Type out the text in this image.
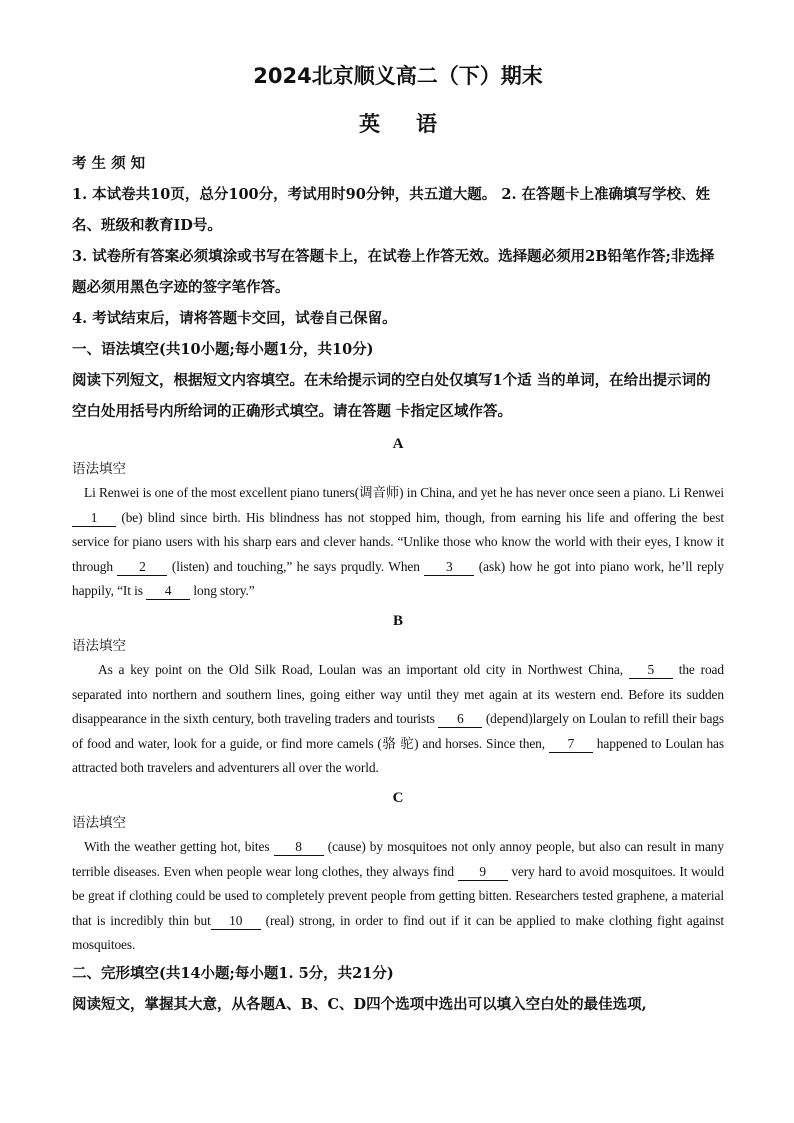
2024北京顺义高二（下）期末
英语

考 生 须 知

1. 本试卷共10页，总分100分，考试用时90分钟，共五道大题。 2. 在答题卡上准确填写学校、姓名、班级和教育ID号。

3. 试卷所有答案必须填涂或书写在答题卡上，在试卷上作答无效。选择题必须用2B铅笔作答;非选择题必须用黑色字迹的签字笔作答。

4. 考试结束后，请将答题卡交回，试卷自己保留。

一、语法填空(共10小题;每小题1分，共10分)

阅读下列短文，根据短文内容填空。在未给提示词的空白处仅填写1个适 当的单词，在给出提示词的空白处用括号内所给词的正确形式填空。请在答题 卡指定区域作答。

A

语法填空

Li Renwei is one of the most excellent piano tuners(调音师) in China, and yet he has never once seen a piano. Li Renwei 1 (be) blind since birth. His blindness has not stopped him, though, from earning his life and offering the best service for piano users with his sharp ears and clever hands. “Unlike those who know the world with their eyes, I know it through 2 (listen) and touching,” he says prqudly. When 3 (ask) how he got into piano work, he’ll reply happily, “It is 4 long story.”

B

语法填空

As a key point on the Old Silk Road, Loulan was an important old city in Northwest China, 5 the road separated into northern and southern lines, going either way until they met again at its western end. Before its sudden disappearance in the sixth century, both traveling traders and tourists 6 (depend)largely on Loulan to refill their bags of food and water, look for a guide, or find more camels (骆 驼) and horses. Since then, 7 happened to Loulan has attracted both travelers and adventurers all over the world.

C

语法填空

With the weather getting hot, bites 8 (cause) by mosquitoes not only annoy people, but also can result in many terrible diseases. Even when people wear long clothes, they always find 9 very hard to avoid mosquitoes. It would be great if clothing could be used to completely prevent people from getting bitten. Researchers tested graphene, a material that is incredibly thin but 10 (real) strong, in order to find out if it can be applied to make clothing fight against mosquitoes.

二、完形填空(共14小题;每小题1. 5分，共21分)

阅读短文，掌握其大意，从各题A、B、C、D四个选项中选出可以填入空白处的最佳选项,
